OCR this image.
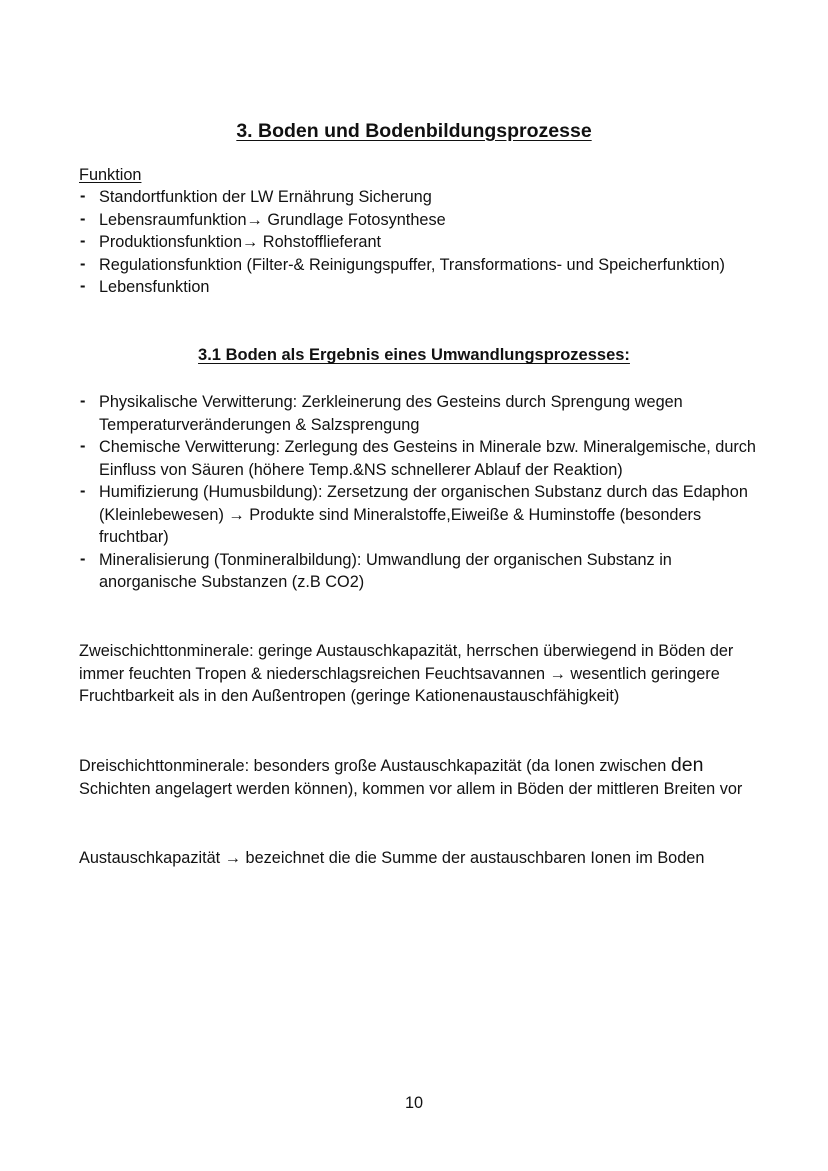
3. Boden und Bodenbildungsprozesse
Funktion
- Standortfunktion der LW Ernährung Sicherung
- Lebensraumfunktion→ Grundlage Fotosynthese
- Produktionsfunktion→ Rohstofflieferant
- Regulationsfunktion (Filter-& Reinigungspuffer, Transformations- und Speicherfunktion)
- Lebensfunktion
3.1 Boden als Ergebnis eines Umwandlungsprozesses:
- Physikalische Verwitterung: Zerkleinerung des Gesteins durch Sprengung wegen Temperaturveränderungen & Salzsprengung
- Chemische Verwitterung: Zerlegung des Gesteins in Minerale bzw. Mineralgemische, durch Einfluss von Säuren (höhere Temp.&NS schnellerer Ablauf der Reaktion)
- Humifizierung (Humusbildung): Zersetzung der organischen Substanz durch das Edaphon (Kleinlebewesen) → Produkte sind Mineralstoffe,Eiweiße & Huminstoffe (besonders fruchtbar)
- Mineralisierung (Tonmineralbildung): Umwandlung der organischen Substanz in anorganische Substanzen (z.B CO2)

Zweischichttonminerale: geringe Austauschkapazität, herrschen überwiegend in Böden der immer feuchten Tropen & niederschlagsreichen Feuchtsavannen → wesentlich geringere Fruchtbarkeit als in den Außentropen (geringe Kationenaustauschfähigkeit)

Dreischichttonminerale: besonders große Austauschkapazität (da Ionen zwischen den Schichten angelagert werden können), kommen vor allem in Böden der mittleren Breiten vor

Austauschkapazität → bezeichnet die die Summe der austauschbaren Ionen im Boden

10
